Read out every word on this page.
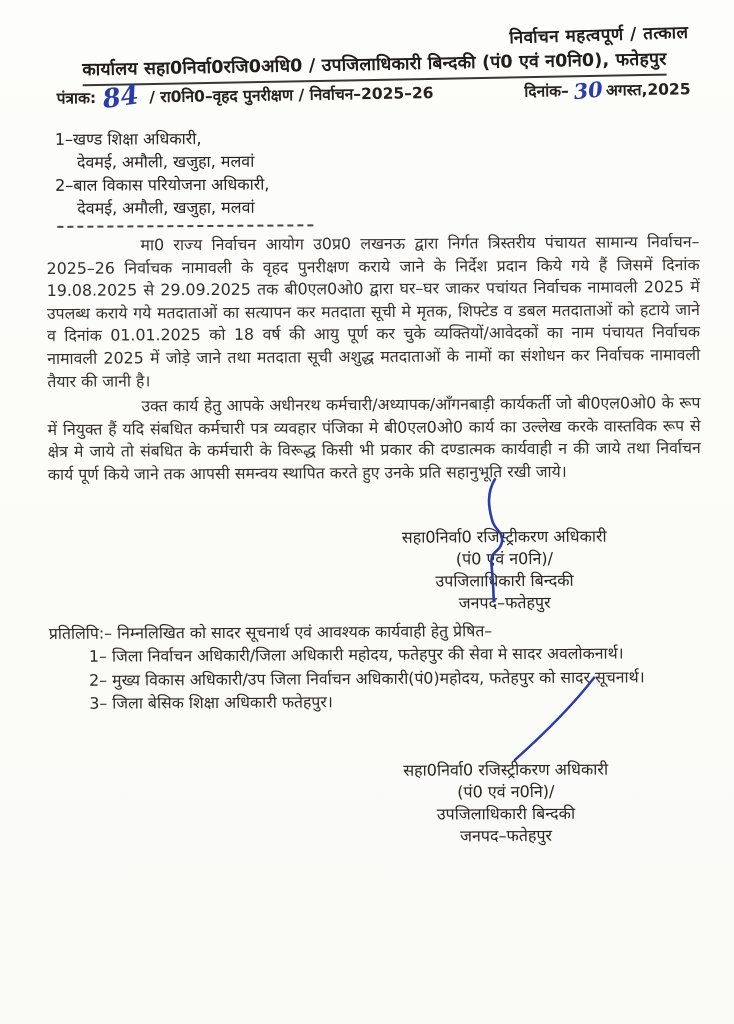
निर्वाचन महत्वपूर्ण / तत्काल
कार्यालय सहा0निर्वा0रजि0अधि0 / उपजिलाधिकारी बिन्दकी (पं0 एवं न0नि0), फतेहपुर
पंत्राक: 84 / रा0नि0–वृहद पुनरीक्षण / निर्वाचन–2025–26	दिनांक– 30 अगस्त,2025
1–खण्ड शिक्षा अधिकारी,
देवमई, अमौली, खजुहा, मलवां
2–बाल विकास परियोजना अधिकारी,
देवमई, अमौली, खजुहा, मलवां

मा0 राज्य निर्वाचन आयोग उ0प्र0 लखनऊ द्वारा निर्गत त्रिस्तरीय पंचायत सामान्य निर्वाचन–2025–26 निर्वाचक नामावली के वृहद पुनरीक्षण कराये जाने के निर्देश प्रदान किये गये हैं जिसमें दिनांक 19.08.2025 से 29.09.2025 तक बी0एल0ओ0 द्वारा घर–घर जाकर पचांयत निर्वाचक नामावली 2025 में उपलब्ध कराये गये मतदाताओं का सत्यापन कर मतदाता सूची मे मृतक, शिफ्टेड व डबल मतदाताओं को हटाये जाने व दिनांक 01.01.2025 को 18 वर्ष की आयु पूर्ण कर चुके व्यक्तियों/आवेदकों का नाम पंचायत निर्वाचक नामावली 2025 में जोड़े जाने तथा मतदाता सूची अशुद्ध मतदाताओं के नामों का संशोधन कर निर्वाचक नामावली तैयार की जानी है।

उक्त कार्य हेतु आपके अधीनरथ कर्मचारी/अध्यापक/आँगनबाड़ी कार्यकर्ती जो बी0एल0ओ0 के रूप में नियुक्त हैं यदि संबधित कर्मचारी पत्र व्यवहार पंजिका मे बी0एल0ओ0 कार्य का उल्लेख करके वास्तविक रूप से क्षेत्र मे जाये तो संबधित के कर्मचारी के विरूद्ध किसी भी प्रकार की दण्डात्मक कार्यवाही न की जाये तथा निर्वाचन कार्य पूर्ण किये जाने तक आपसी समन्वय स्थापित करते हुए उनके प्रति सहानुभूति रखी जाये।

सहा0निर्वा0 रजिस्ट्रीकरण अधिकारी
(पं0 एवं न0नि)/
उपजिलाधिकारी बिन्दकी
जनपद–फतेहपुर
प्रतिलिपि:– निम्नलिखित को सादर सूचनार्थ एवं आवश्यक कार्यवाही हेतु प्रेषित–
1– जिला निर्वाचन अधिकारी/जिला अधिकारी महोदय, फतेहपुर की सेवा मे सादर अवलोकनार्थ।
2– मुख्य विकास अधिकारी/उप जिला निर्वाचन अधिकारी(पं0)महोदय, फतेहपुर को सादर सूचनार्थ।
3– जिला बेसिक शिक्षा अधिकारी फतेहपुर।
सहा0निर्वा0 रजिस्ट्रीकरण अधिकारी
(पं0 एवं न0नि)/
उपजिलाधिकारी बिन्दकी
जनपद–फतेहपुर
